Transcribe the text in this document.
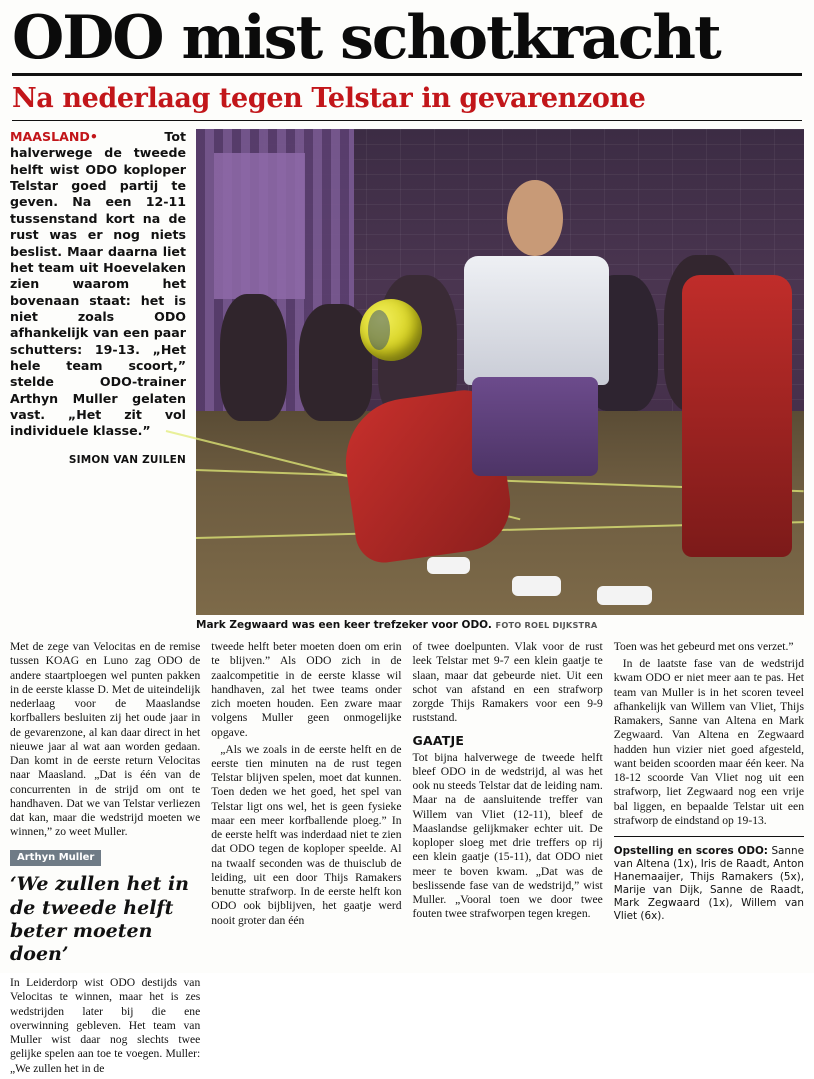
ODO mist schotkracht
Na nederlaag tegen Telstar in gevarenzone
MAASLAND• Tot halverwege de tweede helft wist ODO koploper Telstar goed partij te geven. Na een 12-11 tussenstand kort na de rust was er nog niets beslist. Maar daarna liet het team uit Hoevelaken zien waarom het bovenaan staat: het is niet zoals ODO afhankelijk van een paar schutters: 19-13. „Het hele team scoort,” stelde ODO-trainer Arthyn Muller gelaten vast. „Het zit vol individuele klasse.”
SIMON VAN ZUILEN
Mark Zegwaard was een keer trefzeker voor ODO. FOTO ROEL DIJKSTRA

Met de zege van Velocitas en de remise tussen KOAG en Luno zag ODO de andere staartploegen wel punten pakken in de eerste klasse D. Met de uiteindelijk nederlaag voor de Maaslandse korfballers besluiten zij het oude jaar in de gevarenzone, al kan daar direct in het nieuwe jaar al wat aan worden gedaan. Dan komt in de eerste return Velocitas naar Maasland. „Dat is één van de concurrenten in de strijd om ont te handhaven. Dat we van Telstar verliezen dat kan, maar die wedstrijd moeten we winnen,” zo weet Muller.

Arthyn Muller
‘We zullen het in de tweede helft beter moeten doen’

In Leiderdorp wist ODO destijds van Velocitas te winnen, maar het is zes wedstrijden later bij die ene overwinning gebleven. Het team van Muller wist daar nog slechts twee gelijke spelen aan toe te voegen. Muller: „We zullen het in de

tweede helft beter moeten doen om erin te blijven.” Als ODO zich in de zaalcompetitie in de eerste klasse wil handhaven, zal het twee teams onder zich moeten houden. Een zware maar volgens Muller geen onmogelijke opgave.

„Als we zoals in de eerste helft en de eerste tien minuten na de rust tegen Telstar blijven spelen, moet dat kunnen. Toen deden we het goed, het spel van Telstar ligt ons wel, het is geen fysieke maar een meer korfballende ploeg.” In de eerste helft was inderdaad niet te zien dat ODO tegen de koploper speelde. Al na twaalf seconden was de thuisclub de leiding, uit een door Thijs Ramakers benutte strafworp. In de eerste helft kon ODO ook bijblijven, het gaatje werd nooit groter dan één

of twee doelpunten. Vlak voor de rust leek Telstar met 9-7 een klein gaatje te slaan, maar dat gebeurde niet. Uit een schot van afstand en een strafworp zorgde Thijs Ramakers voor een 9-9 ruststand.

GAATJE

Tot bijna halverwege de tweede helft bleef ODO in de wedstrijd, al was het ook nu steeds Telstar dat de leiding nam. Maar na de aansluitende treffer van Willem van Vliet (12-11), bleef de Maaslandse gelijkmaker echter uit. De koploper sloeg met drie treffers op rij een klein gaatje (15-11), dat ODO niet meer te boven kwam. „Dat was de beslissende fase van de wedstrijd,” wist Muller. „Vooral toen we door twee fouten twee strafworpen tegen kregen.

Toen was het gebeurd met ons verzet.”

In de laatste fase van de wedstrijd kwam ODO er niet meer aan te pas. Het team van Muller is in het scoren teveel afhankelijk van Willem van Vliet, Thijs Ramakers, Sanne van Altena en Mark Zegwaard. Van Altena en Zegwaard hadden hun vizier niet goed afgesteld, want beiden scoorden maar één keer. Na 18-12 scoorde Van Vliet nog uit een strafworp, liet Zegwaard nog een vrije bal liggen, en bepaalde Telstar uit een strafworp de eindstand op 19-13.

Opstelling en scores ODO: Sanne van Altena (1x), Iris de Raadt, Anton Hanemaaijer, Thijs Ramakers (5x), Marije van Dijk, Sanne de Raadt, Mark Zegwaard (1x), Willem van Vliet (6x).
